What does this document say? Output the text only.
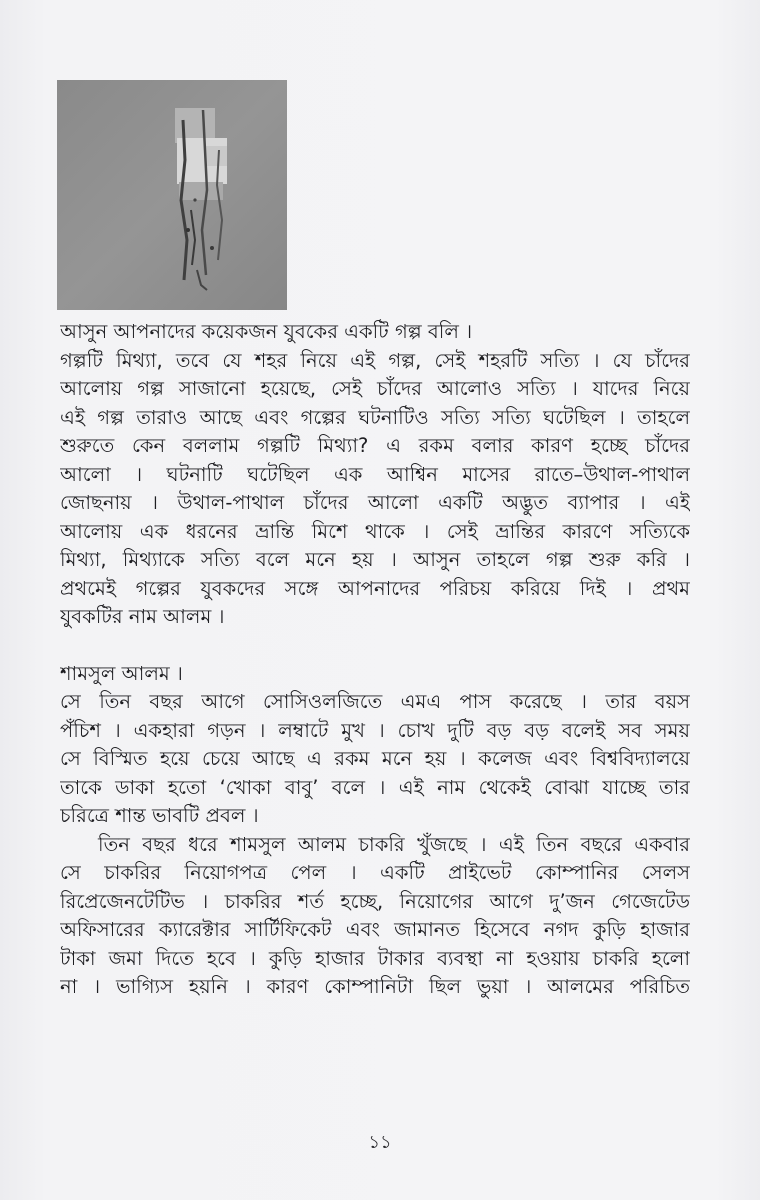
আসুন আপনাদের কয়েকজন যুবকের একটি গল্প বলি ।
গল্পটি মিথ্যা, তবে যে শহর নিয়ে এই গল্প, সেই শহরটি সত্যি । যে চাঁদের
আলোয় গল্প সাজানো হয়েছে, সেই চাঁদের আলোও সত্যি । যাদের নিয়ে
এই গল্প তারাও আছে এবং গল্পের ঘটনাটিও সত্যি সত্যি ঘটেছিল । তাহলে
শুরুতে কেন বললাম গল্পটি মিথ্যা? এ রকম বলার কারণ হচ্ছে চাঁদের
আলো । ঘটনাটি ঘটেছিল এক আশ্বিন মাসের রাতে–উথাল-পাথাল
জোছনায় । উথাল-পাথাল চাঁদের আলো একটি অদ্ভুত ব্যাপার । এই
আলোয় এক ধরনের ভ্রান্তি মিশে থাকে । সেই ভ্রান্তির কারণে সত্যিকে
মিথ্যা, মিথ্যাকে সত্যি বলে মনে হয় । আসুন তাহলে গল্প শুরু করি ।
প্রথমেই গল্পের যুবকদের সঙ্গে আপনাদের পরিচয় করিয়ে দিই । প্রথম
যুবকটির নাম আলম ।
শামসুল আলম ।
সে তিন বছর আগে সোসিওলজিতে এমএ পাস করেছে । তার বয়স
পঁচিশ । একহারা গড়ন । লম্বাটে মুখ । চোখ দুটি বড় বড় বলেই সব সময়
সে বিস্মিত হয়ে চেয়ে আছে এ রকম মনে হয় । কলেজ এবং বিশ্ববিদ্যালয়ে
তাকে ডাকা হতো ‘খোকা বাবু’ বলে । এই নাম থেকেই বোঝা যাচ্ছে তার
চরিত্রে শান্ত ভাবটি প্রবল ।
তিন বছর ধরে শামসুল আলম চাকরি খুঁজছে । এই তিন বছরে একবার
সে চাকরির নিয়োগপত্র পেল । একটি প্রাইভেট কোম্পানির সেলস
রিপ্রেজেনটেটিভ । চাকরির শর্ত হচ্ছে, নিয়োগের আগে দু’জন গেজেটেড
অফিসারের ক্যারেক্টার সার্টিফিকেট এবং জামানত হিসেবে নগদ কুড়ি হাজার
টাকা জমা দিতে হবে । কুড়ি হাজার টাকার ব্যবস্থা না হওয়ায় চাকরি হলো
না । ভাগ্যিস হয়নি । কারণ কোম্পানিটা ছিল ভুয়া । আলমের পরিচিত
১১
